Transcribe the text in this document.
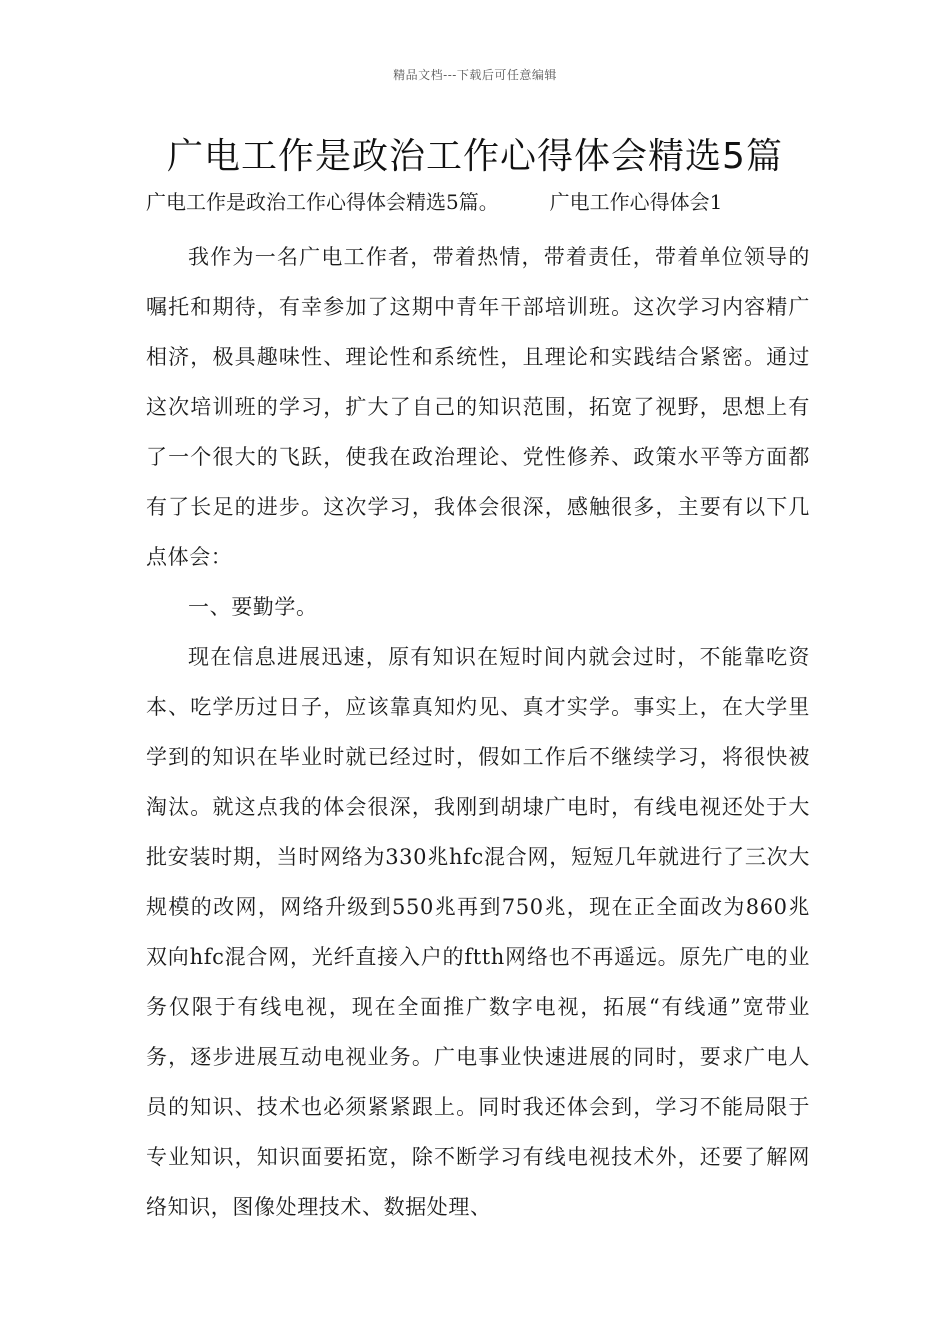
精品文档---下载后可任意编辑
广电工作是政治工作心得体会精选5篇
广电工作是政治工作心得体会精选5篇。        广电工作心得体会1

我作为一名广电工作者，带着热情，带着责任，带着单位领导的嘱托和期待，有幸参加了这期中青年干部培训班。这次学习内容精广相济，极具趣味性、理论性和系统性，且理论和实践结合紧密。通过这次培训班的学习，扩大了自己的知识范围，拓宽了视野，思想上有了一个很大的飞跃，使我在政治理论、党性修养、政策水平等方面都有了长足的进步。这次学习，我体会很深，感触很多，主要有以下几点体会：

一、要勤学。

现在信息进展迅速，原有知识在短时间内就会过时，不能靠吃资本、吃学历过日子，应该靠真知灼见、真才实学。事实上，在大学里学到的知识在毕业时就已经过时，假如工作后不继续学习，将很快被淘汰。就这点我的体会很深，我刚到胡埭广电时，有线电视还处于大批安装时期，当时网络为330兆hfc混合网，短短几年就进行了三次大规模的改网，网络升级到550兆再到750兆，现在正全面改为860兆双向hfc混合网，光纤直接入户的ftth网络也不再遥远。原先广电的业务仅限于有线电视，现在全面推广数字电视，拓展“有线通”宽带业务，逐步进展互动电视业务。广电事业快速进展的同时，要求广电人员的知识、技术也必须紧紧跟上。同时我还体会到，学习不能局限于专业知识，知识面要拓宽，除不断学习有线电视技术外，还要了解网络知识，图像处理技术、数据处理、
